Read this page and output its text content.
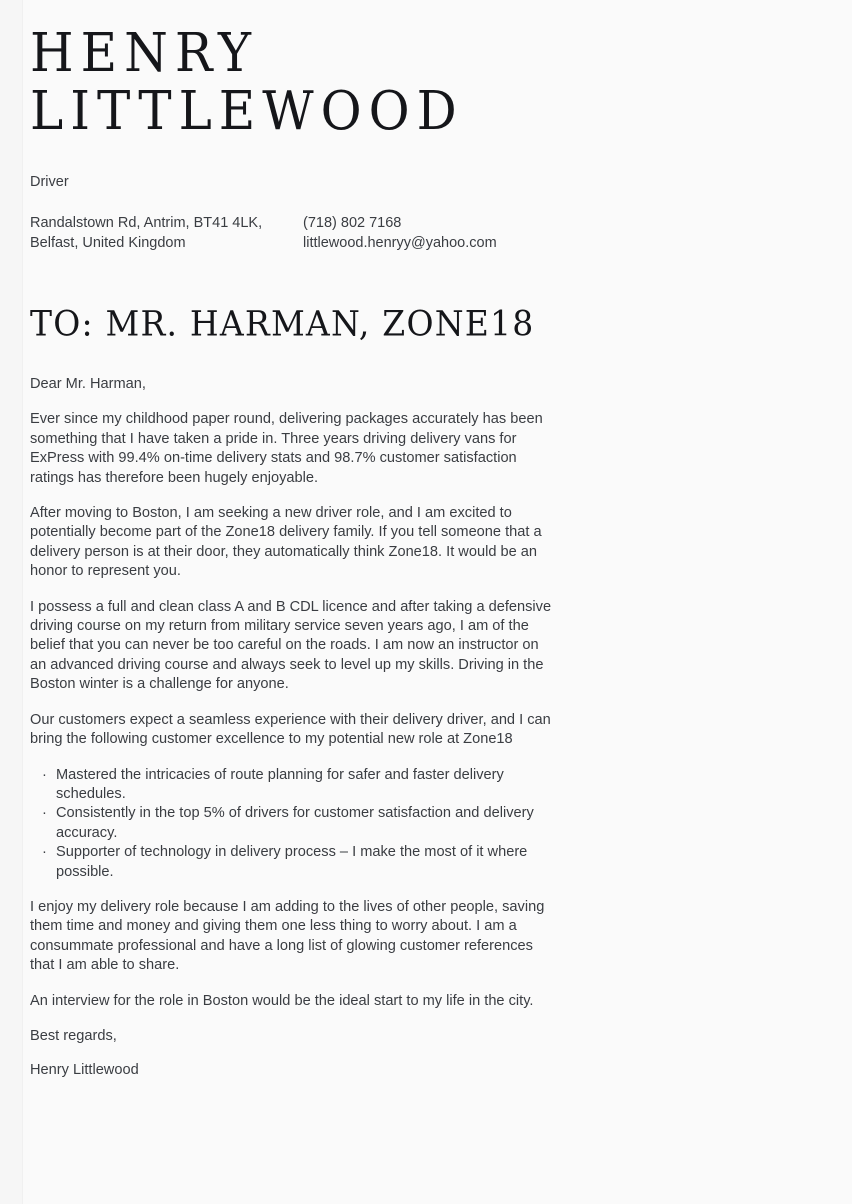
HENRY
LITTLEWOOD
Driver
Randalstown Rd, Antrim, BT41 4LK,
Belfast, United Kingdom
(718) 802 7168
littlewood.henryy@yahoo.com
TO: MR. HARMAN, ZONE18

Dear Mr. Harman,

Ever since my childhood paper round, delivering packages accurately has been something that I have taken a pride in. Three years driving delivery vans for ExPress with 99.4% on-time delivery stats and 98.7% customer satisfaction ratings has therefore been hugely enjoyable.

After moving to Boston, I am seeking a new driver role, and I am excited to potentially become part of the Zone18 delivery family. If you tell someone that a delivery person is at their door, they automatically think Zone18. It would be an honor to represent you.

I possess a full and clean class A and B CDL licence and after taking a defensive driving course on my return from military service seven years ago, I am of the belief that you can never be too careful on the roads. I am now an instructor on an advanced driving course and always seek to level up my skills. Driving in the Boston winter is a challenge for anyone.

Our customers expect a seamless experience with their delivery driver, and I can bring the following customer excellence to my potential new role at Zone18

· Mastered the intricacies of route planning for safer and faster delivery schedules.
· Consistently in the top 5% of drivers for customer satisfaction and delivery accuracy.
· Supporter of technology in delivery process – I make the most of it where possible.

I enjoy my delivery role because I am adding to the lives of other people, saving them time and money and giving them one less thing to worry about. I am a consummate professional and have a long list of glowing customer references that I am able to share.

An interview for the role in Boston would be the ideal start to my life in the city.

Best regards,

Henry Littlewood
